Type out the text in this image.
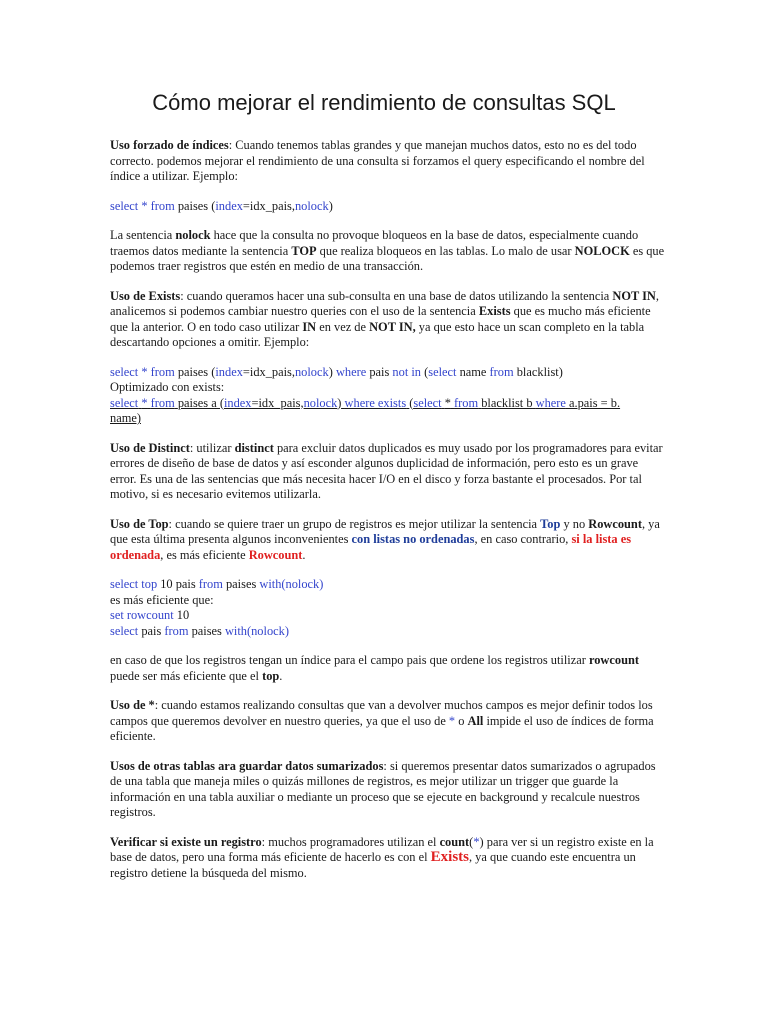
Cómo mejorar el rendimiento de consultas SQL

Uso forzado de índices: Cuando tenemos tablas grandes y que manejan muchos datos, esto no es del todo correcto. podemos mejorar el rendimiento de una consulta si forzamos el query especificando el nombre del índice a utilizar. Ejemplo:

select * from paises (index=idx_pais,nolock)

La sentencia nolock hace que la consulta no provoque bloqueos en la base de datos, especialmente cuando traemos datos mediante la sentencia TOP que realiza bloqueos en las tablas. Lo malo de usar NOLOCK es que podemos traer registros que estén en medio de una transacción.

Uso de Exists: cuando queramos hacer una sub-consulta en una base de datos utilizando la sentencia NOT IN, analicemos si podemos cambiar nuestro queries con el uso de la sentencia Exists que es mucho más eficiente que la anterior. O en todo caso utilizar IN en vez de NOT IN, ya que esto hace un scan completo en la tabla descartando opciones a omitir. Ejemplo:

select * from paises (index=idx_pais,nolock) where pais not in (select name from blacklist)
Optimizado con exists:
select * from paises a (index=idx_pais,nolock) where exists (select * from blacklist b where a.pais = b.
name)

Uso de Distinct: utilizar distinct para excluir datos duplicados es muy usado por los programadores para evitar errores de diseño de base de datos y así esconder algunos duplicidad de información, pero esto es un grave error. Es una de las sentencias que más necesita hacer I/O en el disco y forza bastante el procesados. Por tal motivo, si es necesario evitemos utilizarla.

Uso de Top: cuando se quiere traer un grupo de registros es mejor utilizar la sentencia Top y no Rowcount, ya que esta última presenta algunos inconvenientes con listas no ordenadas, en caso contrario, si la lista es ordenada, es más eficiente Rowcount.

select top 10 pais from paises with(nolock)
es más eficiente que:
set rowcount 10
select pais from paises with(nolock)

en caso de que los registros tengan un índice para el campo pais que ordene los registros utilizar rowcount puede ser más eficiente que el top.

Uso de *: cuando estamos realizando consultas que van a devolver muchos campos es mejor definir todos los campos que queremos devolver en nuestro queries, ya que el uso de * o All impide el uso de índices de forma eficiente.

Usos de otras tablas ara guardar datos sumarizados: si queremos presentar datos sumarizados o agrupados de una tabla que maneja miles o quizás millones de registros, es mejor utilizar un trigger que guarde la información en una tabla auxiliar o mediante un proceso que se ejecute en background y recalcule nuestros registros.

Verificar si existe un registro: muchos programadores utilizan el count(*) para ver si un registro existe en la base de datos, pero una forma más eficiente de hacerlo es con el Exists, ya que cuando este encuentra un registro detiene la búsqueda del mismo.
